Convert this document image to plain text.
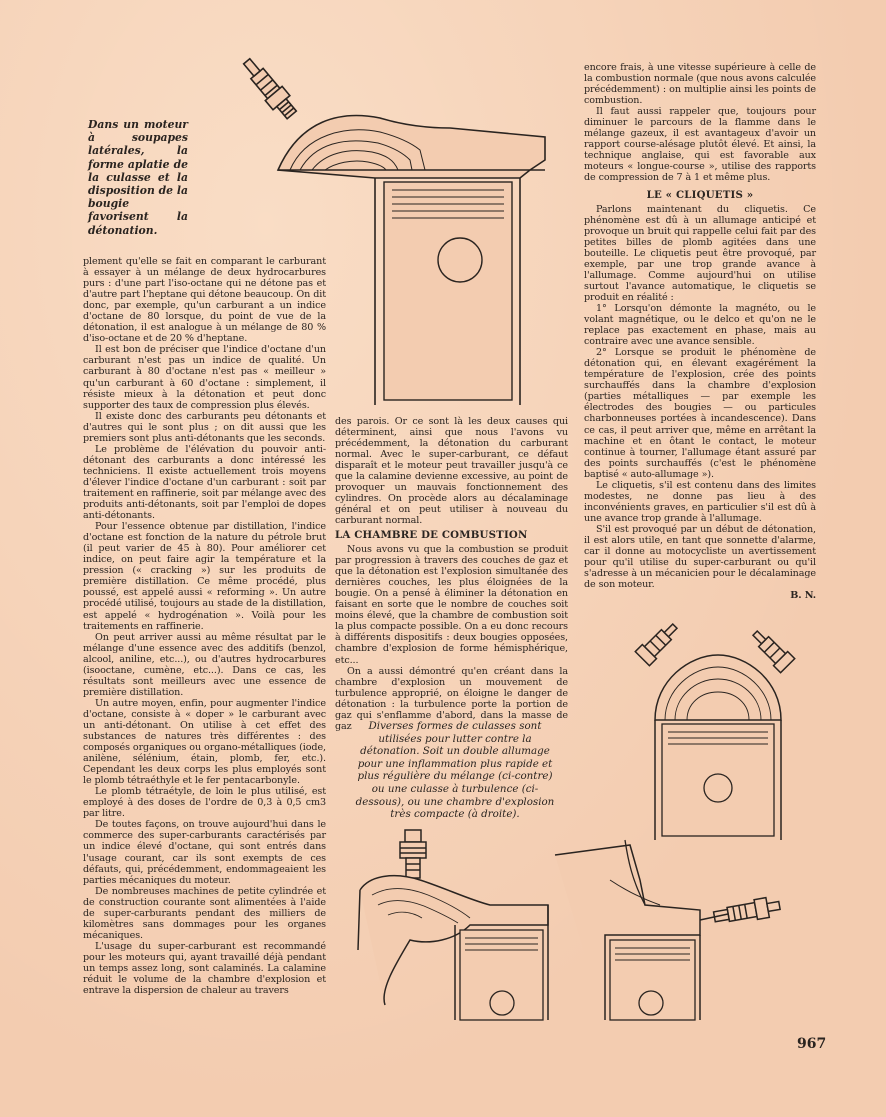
Dans un moteur à soupapes latérales, la forme aplatie de la culasse et la disposition de la bougie favorisent la détonation.
Diverses formes de culasses sont utilisées pour lutter contre la détonation. Soit un double allumage pour une inflammation plus rapide et plus régulière du mélange (ci-contre) ou une culasse à turbulence (ci-dessous), ou une chambre d'explosion très compacte (à droite).

plement qu'elle se fait en comparant le carburant à essayer à un mélange de deux hydrocarbures purs : d'une part l'iso-octane qui ne détone pas et d'autre part l'heptane qui détone beaucoup. On dit donc, par exemple, qu'un carburant a un indice d'octane de 80 lorsque, du point de vue de la détonation, il est analogue à un mélange de 80 % d'iso-octane et de 20 % d'heptane.

Il est bon de préciser que l'indice d'octane d'un carburant n'est pas un indice de qualité. Un carburant à 80 d'octane n'est pas « meilleur » qu'un carburant à 60 d'octane : simplement, il résiste mieux à la détonation et peut donc supporter des taux de compression plus élevés.

Il existe donc des carburants peu détonants et d'autres qui le sont plus ; on dit aussi que les premiers sont plus anti-détonants que les seconds.

Le problème de l'élévation du pouvoir anti-détonant des carburants a donc intéressé les techniciens. Il existe actuellement trois moyens d'élever l'indice d'octane d'un carburant : soit par traitement en raffinerie, soit par mélange avec des produits anti-détonants, soit par l'emploi de dopes anti-détonants.

Pour l'essence obtenue par distillation, l'indice d'octane est fonction de la nature du pétrole brut (il peut varier de 45 à 80). Pour améliorer cet indice, on peut faire agir la température et la pression (« cracking ») sur les produits de première distillation. Ce même procédé, plus poussé, est appelé aussi « reforming ». Un autre procédé utilisé, toujours au stade de la distillation, est appelé « hydrogénation ». Voilà pour les traitements en raffinerie.

On peut arriver aussi au même résultat par le mélange d'une essence avec des additifs (benzol, alcool, aniline, etc...), ou d'autres hydrocarbures (isooctane, cumène, etc...). Dans ce cas, les résultats sont meilleurs avec une essence de première distillation.

Un autre moyen, enfin, pour augmenter l'indice d'octane, consiste à « doper » le carburant avec un anti-détonant. On utilise à cet effet des substances de natures très différentes : des composés organiques ou organo-métalliques (iode, anilène, sélénium, étain, plomb, fer, etc.). Cependant les deux corps les plus employés sont le plomb tétraéthyle et le fer pentacarbonyle.

Le plomb tétraétyle, de loin le plus utilisé, est employé à des doses de l'ordre de 0,3 à 0,5 cm3 par litre.

De toutes façons, on trouve aujourd'hui dans le commerce des super-carburants caractérisés par un indice élevé d'octane, qui sont entrés dans l'usage courant, car ils sont exempts de ces défauts, qui, précédemment, endommageaient les parties mécaniques du moteur.

De nombreuses machines de petite cylindrée et de construction courante sont alimentées à l'aide de super-carburants pendant des milliers de kilomètres sans dommages pour les organes mécaniques.

L'usage du super-carburant est recommandé pour les moteurs qui, ayant travaillé déjà pendant un temps assez long, sont calaminés. La calamine réduit le volume de la chambre d'explosion et entrave la dispersion de chaleur au travers

des parois. Or ce sont là les deux causes qui déterminent, ainsi que nous l'avons vu précédemment, la détonation du carburant normal. Avec le super-carburant, ce défaut disparaît et le moteur peut travailler jusqu'à ce que la calamine devienne excessive, au point de provoquer un mauvais fonctionnement des cylindres. On procède alors au décalaminage général et on peut utiliser à nouveau du carburant normal.

LA CHAMBRE DE COMBUSTION

Nous avons vu que la combustion se produit par progression à travers des couches de gaz et que la détonation est l'explosion simultanée des dernières couches, les plus éloignées de la bougie. On a pensé à éliminer la détonation en faisant en sorte que le nombre de couches soit moins élevé, que la chambre de combustion soit la plus compacte possible. On a eu donc recours à différents dispositifs : deux bougies opposées, chambre d'explosion de forme hémisphérique, etc...

On a aussi démontré qu'en créant dans la chambre d'explosion un mouvement de turbulence approprié, on éloigne le danger de détonation : la turbulence porte la portion de gaz qui s'enflamme d'abord, dans la masse de gaz

encore frais, à une vitesse supérieure à celle de la combustion normale (que nous avons calculée précédemment) : on multiplie ainsi les points de combustion.

Il faut aussi rappeler que, toujours pour diminuer le parcours de la flamme dans le mélange gazeux, il est avantageux d'avoir un rapport course-alésage plutôt élevé. Et ainsi, la technique anglaise, qui est favorable aux moteurs « longue-course », utilise des rapports de compression de 7 à 1 et même plus.

LE « CLIQUETIS »

Parlons maintenant du cliquetis. Ce phénomène est dû à un allumage anticipé et provoque un bruit qui rappelle celui fait par des petites billes de plomb agitées dans une bouteille. Le cliquetis peut être provoqué, par exemple, par une trop grande avance à l'allumage. Comme aujourd'hui on utilise surtout l'avance automatique, le cliquetis se produit en réalité :

1° Lorsqu'on démonte la magnéto, ou le volant magnétique, ou le delco et qu'on ne le replace pas exactement en phase, mais au contraire avec une avance sensible.

2° Lorsque se produit le phénomène de détonation qui, en élevant exagérément la température de l'explosion, crée des points surchauffés dans la chambre d'explosion (parties métalliques — par exemple les électrodes des bougies — ou particules charbonneuses portées à incandescence). Dans ce cas, il peut arriver que, même en arrêtant la machine et en ôtant le contact, le moteur continue à tourner, l'allumage étant assuré par des points surchauffés (c'est le phénomène baptisé « auto-allumage »).

Le cliquetis, s'il est contenu dans des limites modestes, ne donne pas lieu à des inconvénients graves, en particulier s'il est dû à une avance trop grande à l'allumage.

S'il est provoqué par un début de détonation, il est alors utile, en tant que sonnette d'alarme, car il donne au motocycliste un avertissement pour qu'il utilise du super-carburant ou qu'il s'adresse à un mécanicien pour le décalaminage de son moteur.

B. N.

967
